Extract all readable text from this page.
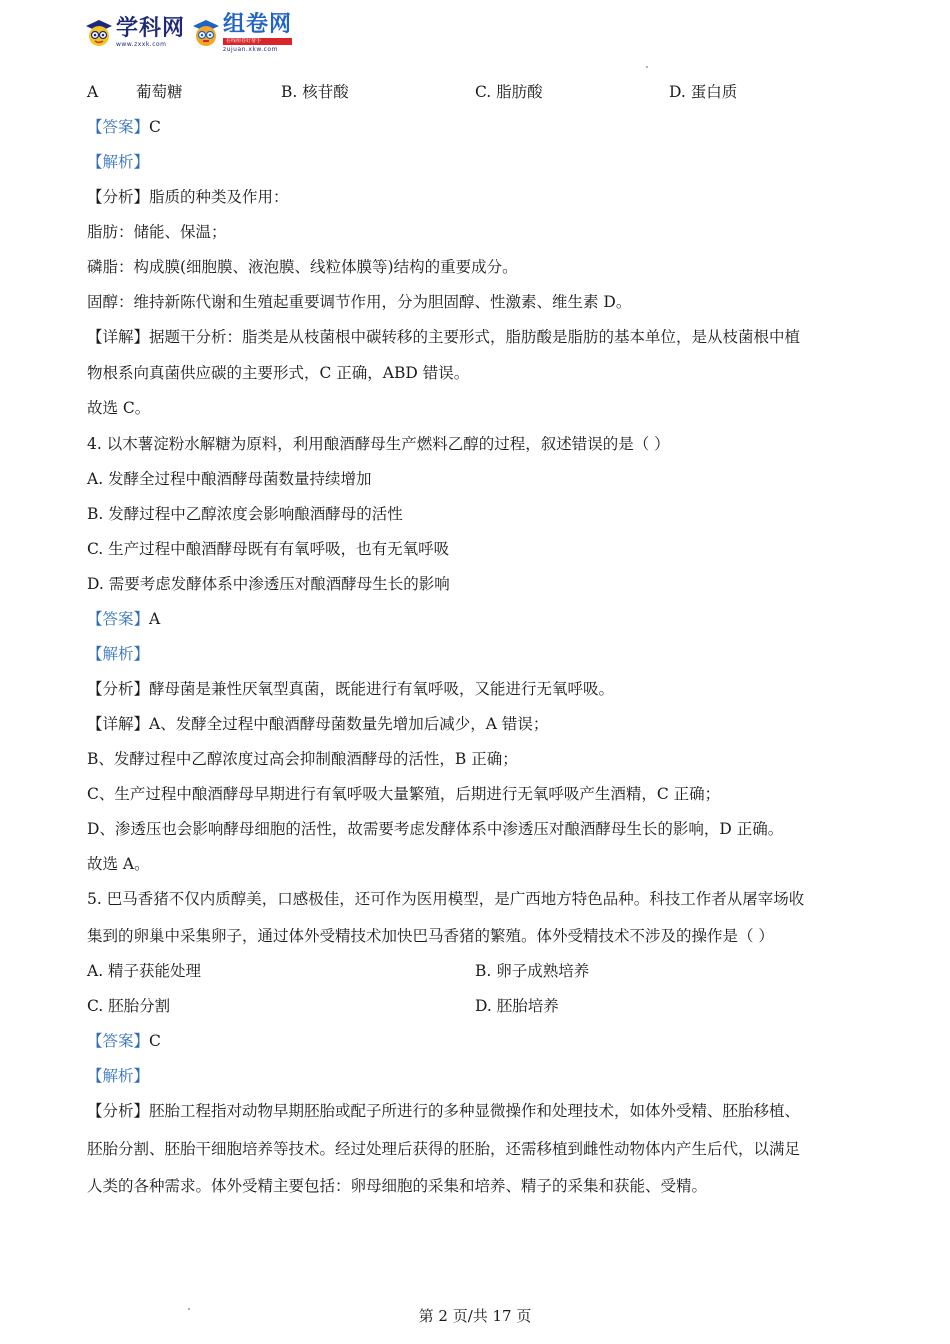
学科网
www.zxxk.com
组卷网
在线组卷好帮手
zujuan.xkw.com
A 葡萄糖	B. 核苷酸	C. 脂肪酸	D. 蛋白质
【答案】C
【解析】
【分析】脂质的种类及作用：
脂肪：储能、保温；
磷脂：构成膜(细胞膜、液泡膜、线粒体膜等)结构的重要成分。
固醇：维持新陈代谢和生殖起重要调节作用，分为胆固醇、性激素、维生素 D。
【详解】据题干分析：脂类是从枝菌根中碳转移的主要形式，脂肪酸是脂肪的基本单位，是从枝菌根中植
物根系向真菌供应碳的主要形式，C 正确，ABD 错误。
故选 C。
4. 以木薯淀粉水解糖为原料，利用酿酒酵母生产燃料乙醇的过程，叙述错误的是（ ）
A. 发酵全过程中酿酒酵母菌数量持续增加
B. 发酵过程中乙醇浓度会影响酿酒酵母的活性
C. 生产过程中酿酒酵母既有有氧呼吸，也有无氧呼吸
D. 需要考虑发酵体系中渗透压对酿酒酵母生长的影响
【答案】A
【解析】
【分析】酵母菌是兼性厌氧型真菌，既能进行有氧呼吸，又能进行无氧呼吸。
【详解】A、发酵全过程中酿酒酵母菌数量先增加后减少，A 错误；
B、发酵过程中乙醇浓度过高会抑制酿酒酵母的活性，B 正确；
C、生产过程中酿酒酵母早期进行有氧呼吸大量繁殖，后期进行无氧呼吸产生酒精，C 正确；
D、渗透压也会影响酵母细胞的活性，故需要考虑发酵体系中渗透压对酿酒酵母生长的影响，D 正确。
故选 A。
5. 巴马香猪不仅内质醇美，口感极佳，还可作为医用模型，是广西地方特色品种。科技工作者从屠宰场收
集到的卵巢中采集卵子，通过体外受精技术加快巴马香猪的繁殖。体外受精技术不涉及的操作是（ ）
A. 精子获能处理	B. 卵子成熟培养
C. 胚胎分割	D. 胚胎培养
【答案】C
【解析】
【分析】胚胎工程指对动物早期胚胎或配子所进行的多种显微操作和处理技术，如体外受精、胚胎移植、
胚胎分割、胚胎干细胞培养等技术。经过处理后获得的胚胎，还需移植到雌性动物体内产生后代，以满足
人类的各种需求。体外受精主要包括：卵母细胞的采集和培养、精子的采集和获能、受精。
第 2 页/共 17 页
